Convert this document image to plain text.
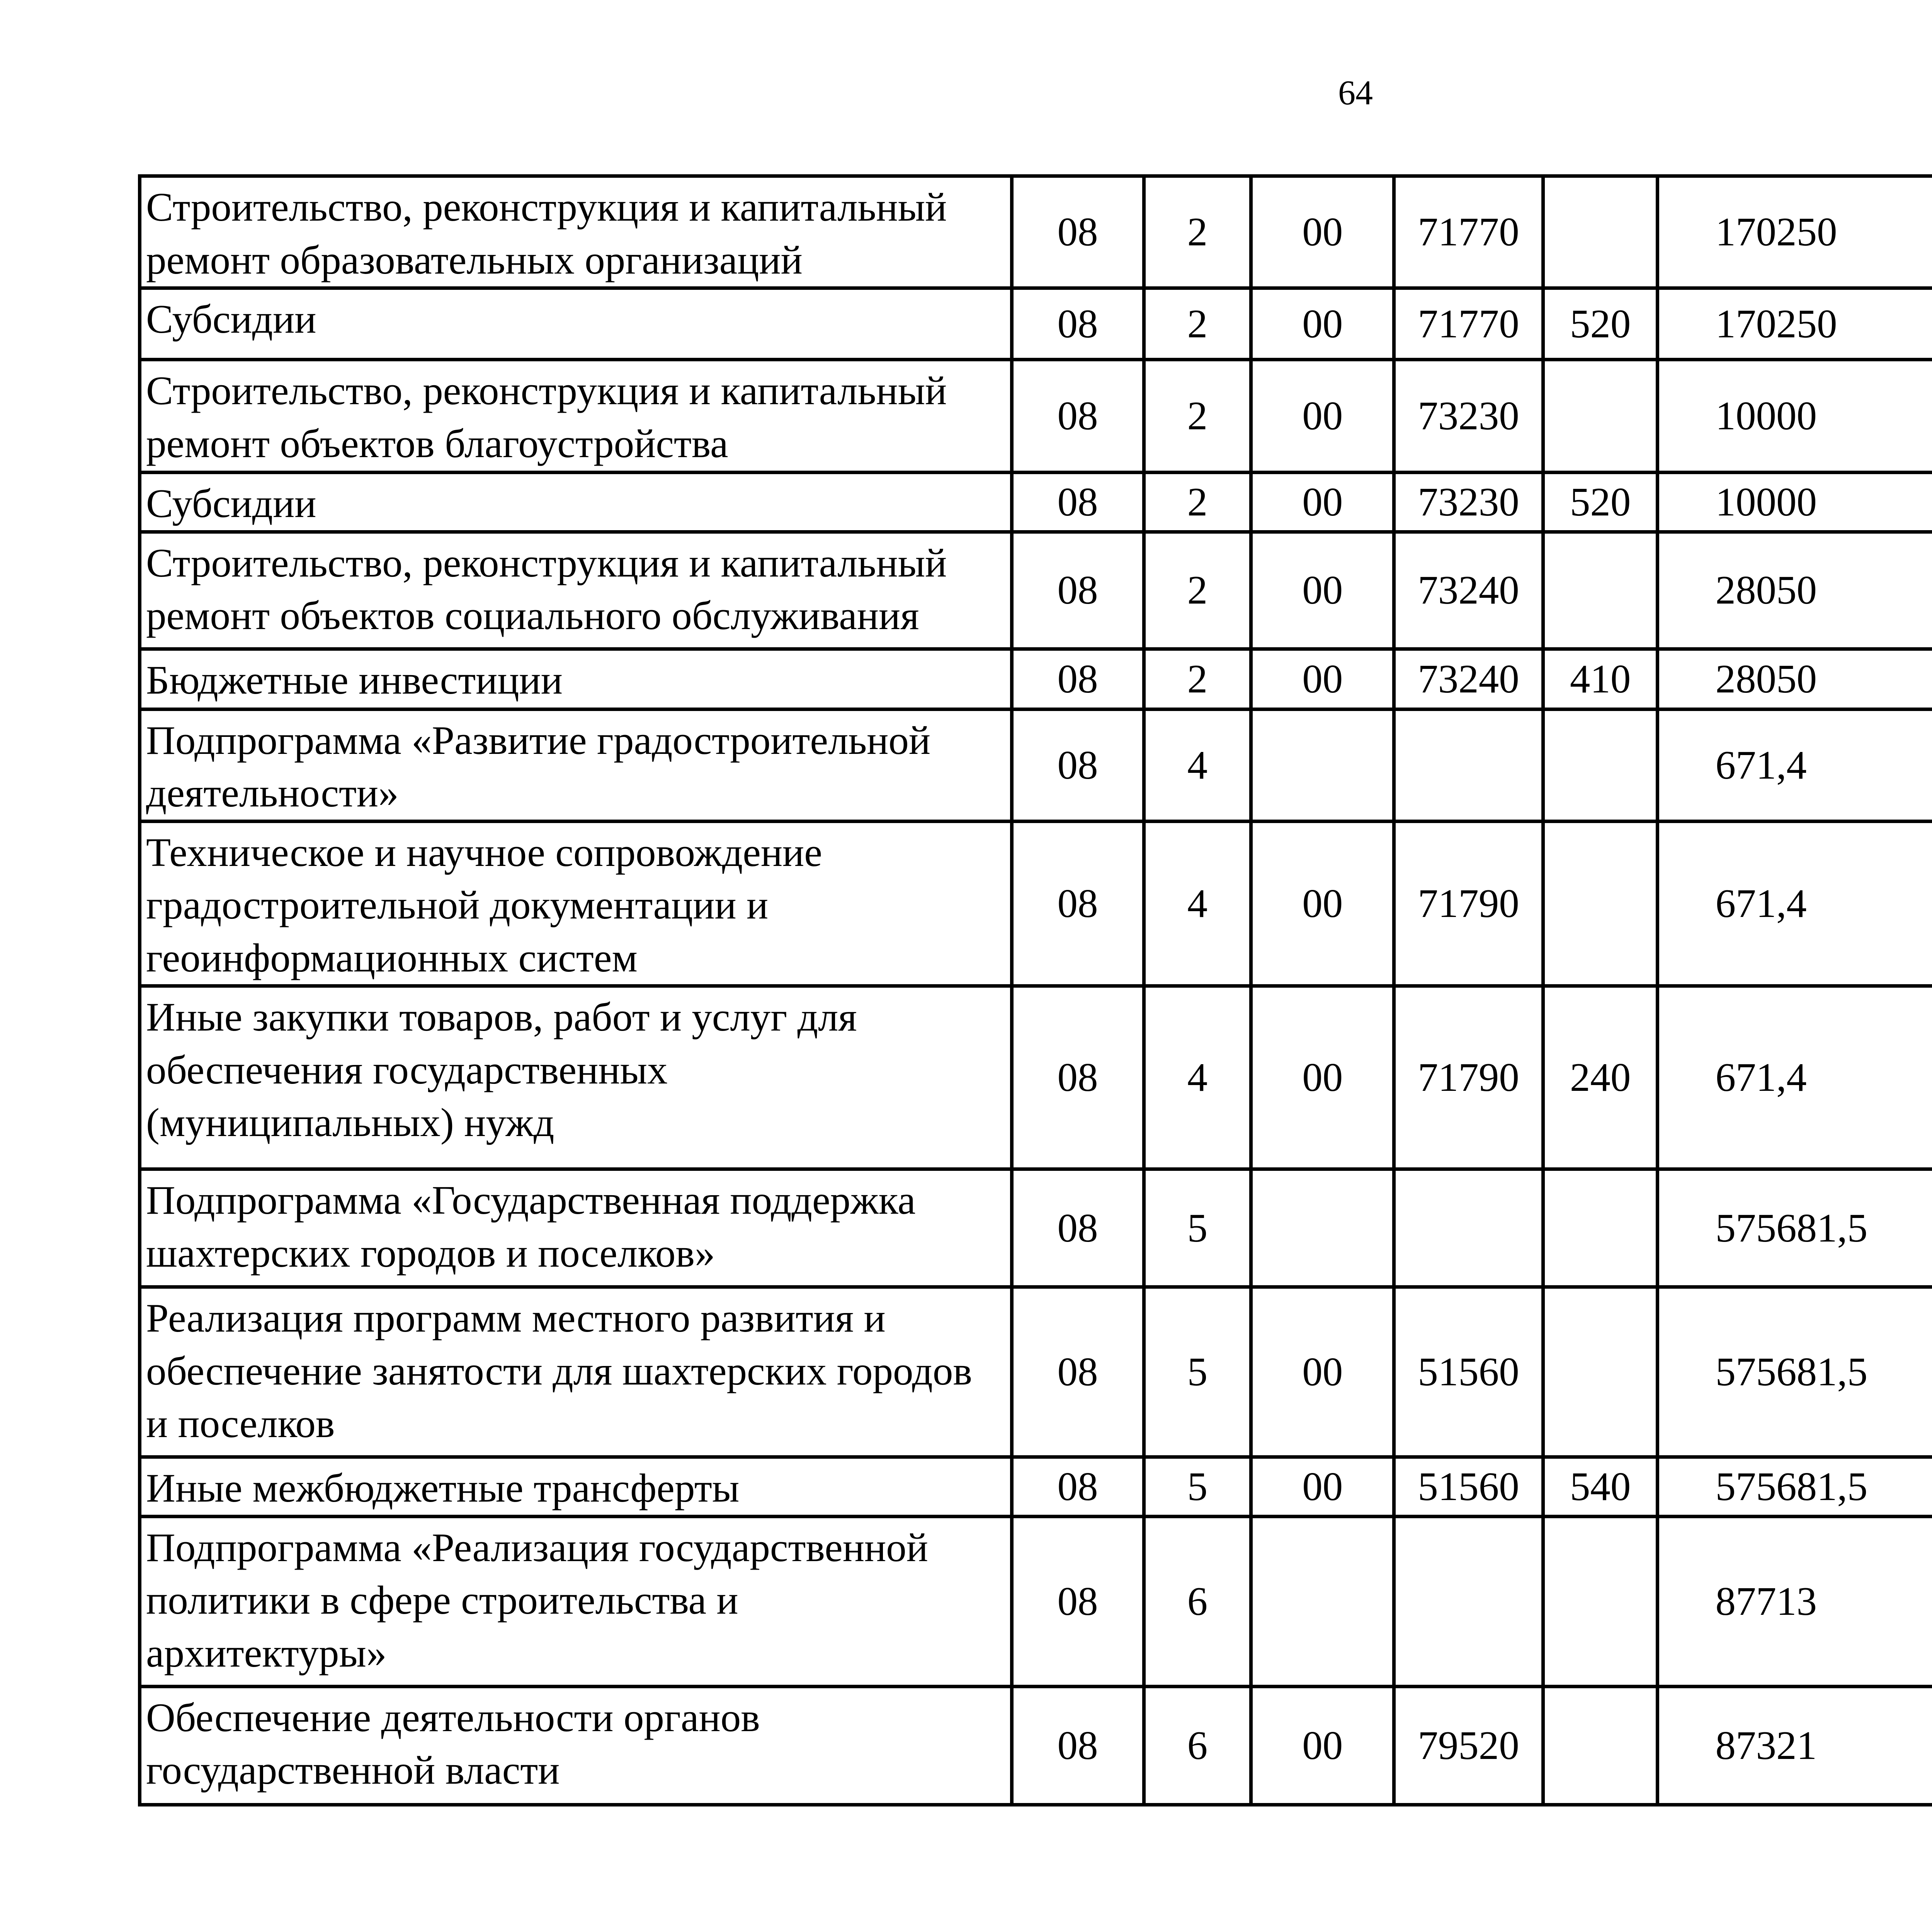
64
Строительство, реконструкция и капитальный
ремонт образовательных организаций	08	2	00	71770		170250		
Субсидии	08	2	00	71770	520	170250		
Строительство, реконструкция и капитальный
ремонт объектов благоустройства	08	2	00	73230		10000		
Субсидии	08	2	00	73230	520	10000		
Строительство, реконструкция и капитальный
ремонт объектов социального обслуживания	08	2	00	73240		28050		
Бюджетные инвестиции	08	2	00	73240	410	28050		
Подпрограмма «Развитие градостроительной
деятельности»	08	4				671,4		
Техническое и научное сопровождение
градостроительной документации и
геоинформационных систем	08	4	00	71790		671,4		
Иные закупки товаров, работ и услуг для
обеспечения государственных
(муниципальных) нужд	08	4	00	71790	240	671,4		
Подпрограмма «Государственная поддержка
шахтерских городов и поселков»	08	5				575681,5		
Реализация программ местного развития и
обеспечение занятости для шахтерских городов
и поселков	08	5	00	51560		575681,5		
Иные межбюджетные трансферты	08	5	00	51560	540	575681,5		
Подпрограмма «Реализация государственной
политики в сфере строительства и
архитектуры»	08	6				87713		
Обеспечение деятельности органов
государственной власти	08	6	00	79520		87321		
